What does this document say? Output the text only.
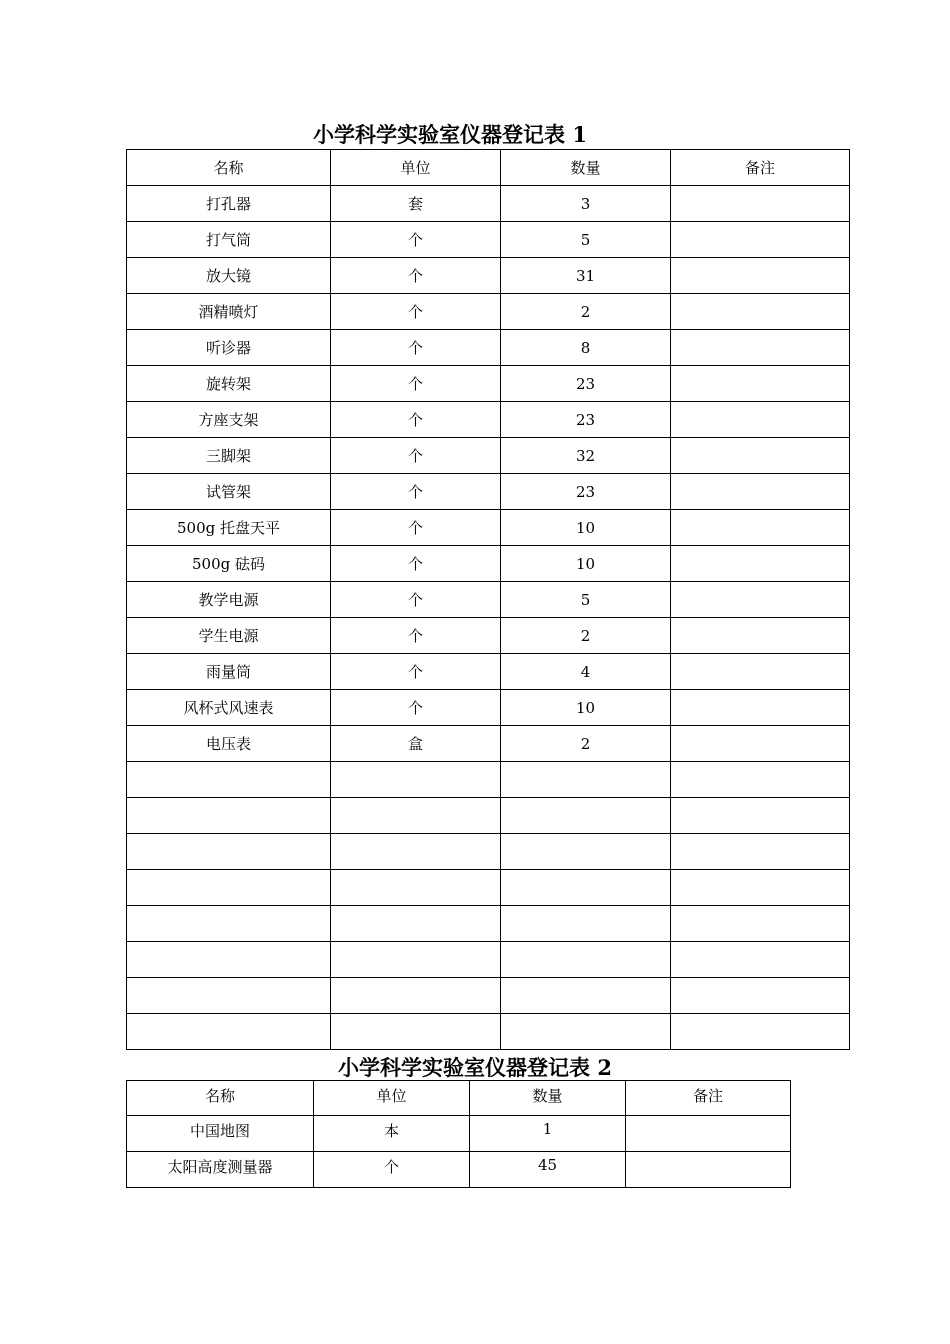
小学科学实验室仪器登记表 1
名称	单位	数量	备注
打孔器	套	3	
打气筒	个	5	
放大镜	个	31	
酒精喷灯	个	2	
听诊器	个	8	
旋转架	个	23	
方座支架	个	23	
三脚架	个	32	
试管架	个	23	
500g 托盘天平	个	10	
500g 砝码	个	10	
教学电源	个	5	
学生电源	个	2	
雨量筒	个	4	
风杯式风速表	个	10	
电压表	盒	2	

小学科学实验室仪器登记表 2
名称	单位	数量	备注
中国地图	本	1	
太阳高度测量器	个	45	
